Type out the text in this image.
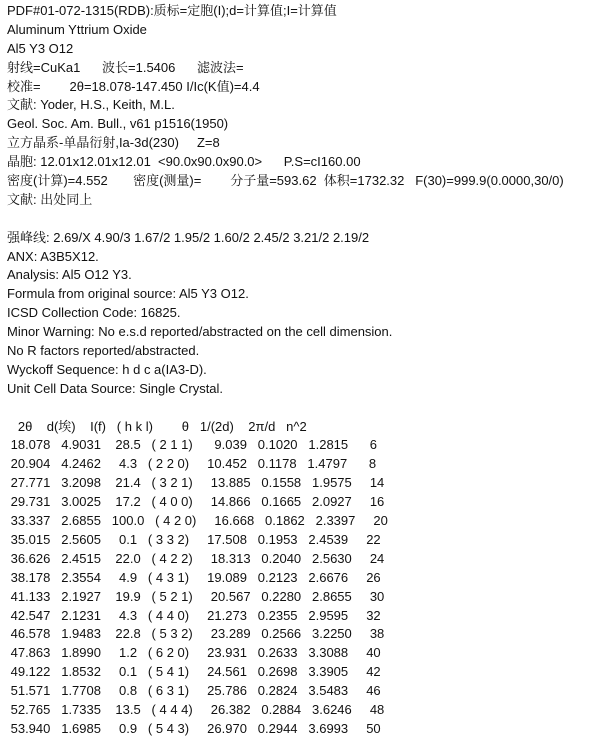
PDF#01-072-1315(RDB):质标=定胞(I);d=计算值;I=计算值
Aluminum Yttrium Oxide
Al5 Y3 O12
射线=CuKa1      波长=1.5406      滤波法=
校准=        2θ=18.078-147.450 I/Ic(K值)=4.4
文献: Yoder, H.S., Keith, M.L.
Geol. Soc. Am. Bull., v61 p1516(1950)
立方晶系-单晶衍射,Ia-3d(230)     Z=8
晶胞: 12.01x12.01x12.01  <90.0x90.0x90.0>      P.S=cI160.00
密度(计算)=4.552       密度(测量)=        分子量=593.62  体积=1732.32   F(30)=999.9(0.0000,30/0)
文献: 出处同上
强峰线: 2.69/X 4.90/3 1.67/2 1.95/2 1.60/2 2.45/2 3.21/2 2.19/2
ANX: A3B5X12.
Analysis: Al5 O12 Y3.
Formula from original source: Al5 Y3 O12.
ICSD Collection Code: 16825.
Minor Warning: No e.s.d reported/abstracted on the cell dimension.
No R factors reported/abstracted.
Wyckoff Sequence: h d c a(IA3-D).
Unit Cell Data Source: Single Crystal.
2θ    d(埃)    I(f)   ( h k l)        θ   1/(2d)    2π/d   n^2
18.078   4.9031    28.5   ( 2 1 1)      9.039   0.1020   1.2815      6
20.904   4.2462     4.3   ( 2 2 0)     10.452   0.1178   1.4797      8
27.771   3.2098    21.4   ( 3 2 1)     13.885   0.1558   1.9575     14
29.731   3.0025    17.2   ( 4 0 0)     14.866   0.1665   2.0927     16
33.337   2.6855   100.0   ( 4 2 0)     16.668   0.1862   2.3397     20
35.015   2.5605     0.1   ( 3 3 2)     17.508   0.1953   2.4539     22
36.626   2.4515    22.0   ( 4 2 2)     18.313   0.2040   2.5630     24
38.178   2.3554     4.9   ( 4 3 1)     19.089   0.2123   2.6676     26
41.133   2.1927    19.9   ( 5 2 1)     20.567   0.2280   2.8655     30
42.547   2.1231     4.3   ( 4 4 0)     21.273   0.2355   2.9595     32
46.578   1.9483    22.8   ( 5 3 2)     23.289   0.2566   3.2250     38
47.863   1.8990     1.2   ( 6 2 0)     23.931   0.2633   3.3088     40
49.122   1.8532     0.1   ( 5 4 1)     24.561   0.2698   3.3905     42
51.571   1.7708     0.8   ( 6 3 1)     25.786   0.2824   3.5483     46
52.765   1.7335    13.5   ( 4 4 4)     26.382   0.2884   3.6246     48
53.940   1.6985     0.9   ( 5 4 3)     26.970   0.2944   3.6993     50
